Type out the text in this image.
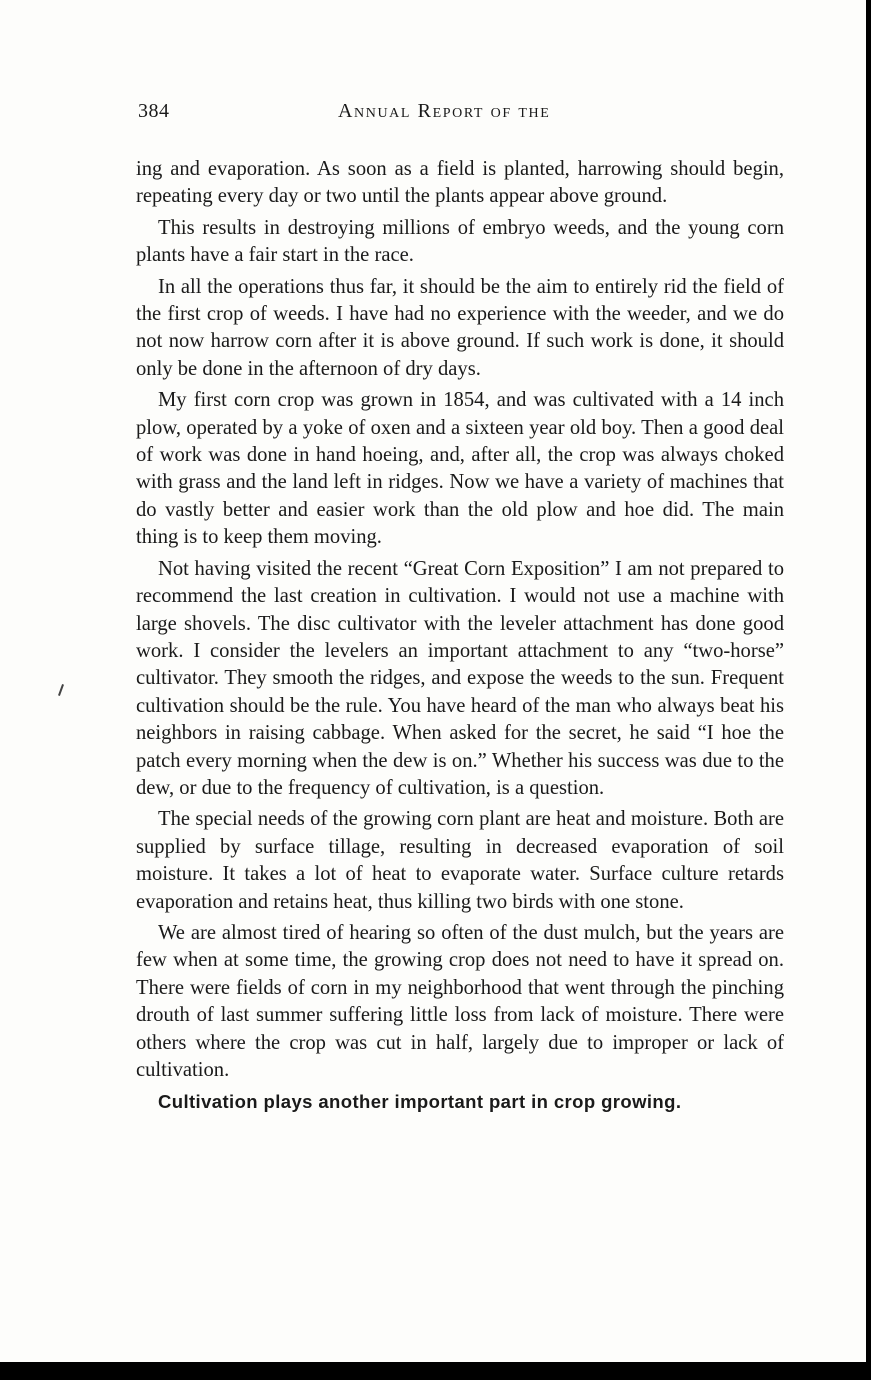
384	Annual Report of the

ing and evaporation. As soon as a field is planted, harrowing should begin, repeating every day or two until the plants appear above ground.

This results in destroying millions of embryo weeds, and the young corn plants have a fair start in the race.

In all the operations thus far, it should be the aim to entirely rid the field of the first crop of weeds. I have had no experience with the weeder, and we do not now harrow corn after it is above ground. If such work is done, it should only be done in the afternoon of dry days.

My first corn crop was grown in 1854, and was cultivated with a 14 inch plow, operated by a yoke of oxen and a sixteen year old boy. Then a good deal of work was done in hand hoeing, and, after all, the crop was always choked with grass and the land left in ridges. Now we have a variety of machines that do vastly better and easier work than the old plow and hoe did. The main thing is to keep them moving.

Not having visited the recent “Great Corn Exposition” I am not prepared to recommend the last creation in cultivation. I would not use a machine with large shovels. The disc cultivator with the leveler attachment has done good work. I consider the levelers an important attachment to any “two-horse” cultivator. They smooth the ridges, and expose the weeds to the sun. Frequent cultivation should be the rule. You have heard of the man who always beat his neighbors in raising cabbage. When asked for the secret, he said “I hoe the patch every morning when the dew is on.” Whether his success was due to the dew, or due to the frequency of cultivation, is a question.

The special needs of the growing corn plant are heat and moisture. Both are supplied by surface tillage, resulting in decreased evaporation of soil moisture. It takes a lot of heat to evaporate water. Surface culture retards evaporation and retains heat, thus killing two birds with one stone.

We are almost tired of hearing so often of the dust mulch, but the years are few when at some time, the growing crop does not need to have it spread on. There were fields of corn in my neighborhood that went through the pinching drouth of last summer suffering little loss from lack of moisture. There were others where the crop was cut in half, largely due to improper or lack of cultivation.

Cultivation plays another important part in crop growing.
